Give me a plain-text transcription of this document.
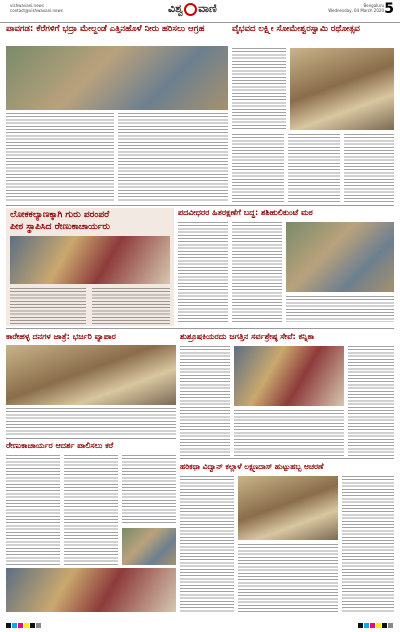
vishwavani.news
contact@vishwavani.news	ವಿಶ್ವ ವಾಣಿ	Bengaluru
Wednesday, 04 March 2020 5
ಪಾವಗಡ: ಕೆರೆಗಳಿಗೆ ಭದ್ರಾ ಮೇಲ್ದಂಡೆ ಎತ್ತಿನಹೊಳೆ ನೀರು ಹರಿಸಲು ಆಗ್ರಹ	ವೈಭವದ ಲಕ್ಷ್ಮೀ ಸೋಮೇಶ್ವರಸ್ವಾಮಿ ರಥೋತ್ಸವ
ಲೋಕಕಲ್ಯಾಣಕ್ಕಾಗಿ ಗುರು ಪರಂಪರೆ
ಪೀಠ ಸ್ಥಾಪಿಸಿದ ರೇಣುಕಾಚಾರ್ಯರು
ಪದವೀಧರರ ಹಿತರಕ್ಷಣೆಗೆ ಬದ್ಧ: ಶಶಿಹುಲಿಕುಂಟೆ ಮಠ
ಕಾರೇಹಳ್ಳ ದನಗಳ ಜಾತ್ರೆ: ಭರ್ಜರಿ ವ್ಯಾಪಾರ	ಶುಶ್ರೂಷಕಿಯರದು ಜಗತ್ತಿನ ಸರ್ವಶ್ರೇಷ್ಠ ಸೇವೆ: ಕನ್ನಿಕಾ
ರೇಣುಕಾಚಾರ್ಯರ ಆದರ್ಶ ಪಾಲಿಸಲು ಕರೆ
ಹರಿಕಥಾ ವಿದ್ವಾನ್ ಕಲ್ಲಾಳೆ ಲಕ್ಷ್ಮಣದಾಸ್ ಹುಟ್ಟುಹಬ್ಬ ಆಚರಣೆ
